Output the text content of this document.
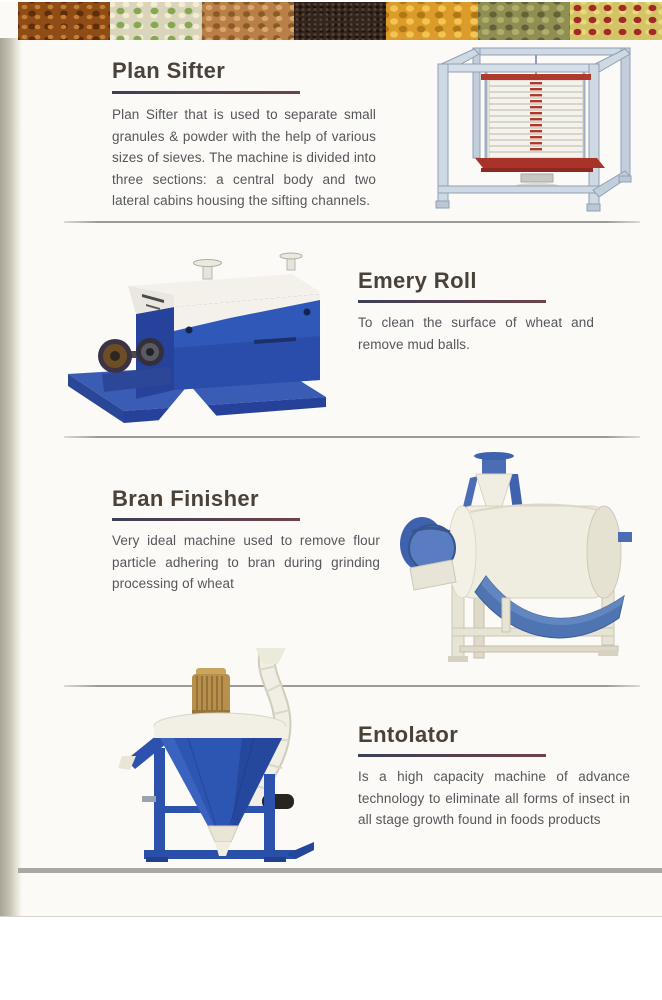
Plan Sifter
Plan Sifter that is used to separate small granules & powder with the help of various sizes of sieves. The machine is divided into three sections: a central body and two lateral cabins housing the sifting channels.
Emery Roll
To clean the surface of wheat and remove mud balls.
Bran Finisher
Very ideal machine used to remove flour particle adhering to bran during grinding processing of wheat
Entolator
Is a high capacity machine of advance technology to eliminate all forms of insect in all stage growth found in foods products
